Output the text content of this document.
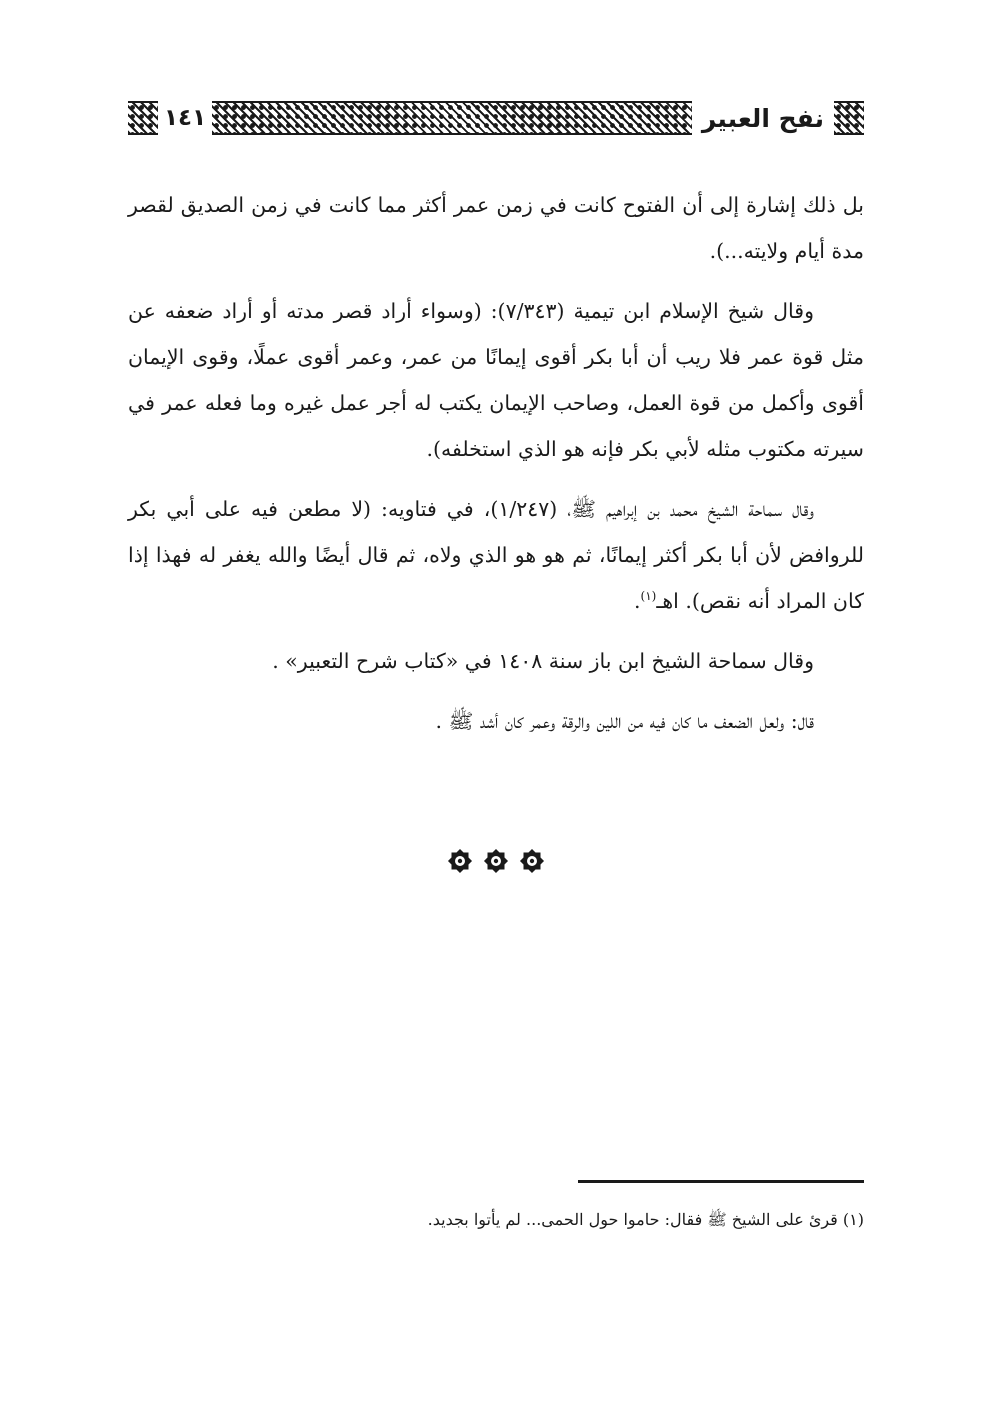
نفح العبير
١٤١

بل ذلك إشارة إلى أن الفتوح كانت في زمن عمر أكثر مما كانت في زمن الصديق لقصر مدة أيام ولايته...).

وقال شيخ الإسلام ابن تيمية (٧/٣٤٣): (وسواء أراد قصر مدته أو أراد ضعفه عن مثل قوة عمر فلا ريب أن أبا بكر أقوى إيمانًا من عمر، وعمر أقوى عملًا، وقوى الإيمان أقوى وأكمل من قوة العمل، وصاحب الإيمان يكتب له أجر عمل غيره وما فعله عمر في سيرته مكتوب مثله لأبي بكر فإنه هو الذي استخلفه).

وقال سماحة الشيخ محمد بن إبراهيم ﷺ، (١/٢٤٧)، في فتاويه: (لا مطعن فيه على أبي بكر للروافض لأن أبا بكر أكثر إيمانًا، ثم هو هو الذي ولاه، ثم قال أيضًا والله يغفر له فهذا إذا كان المراد أنه نقص). اهـ$^{(١)}$.

وقال سماحة الشيخ ابن باز سنة ١٤٠٨ في «كتاب شرح التعبير» .

قال: ولعل الضعف ما كان فيه من اللين والرقة وعمر كان أشد ﷺ .

(١) قرئ على الشيخ ﷺ فقال: حاموا حول الحمى... لم يأتوا بجديد.
